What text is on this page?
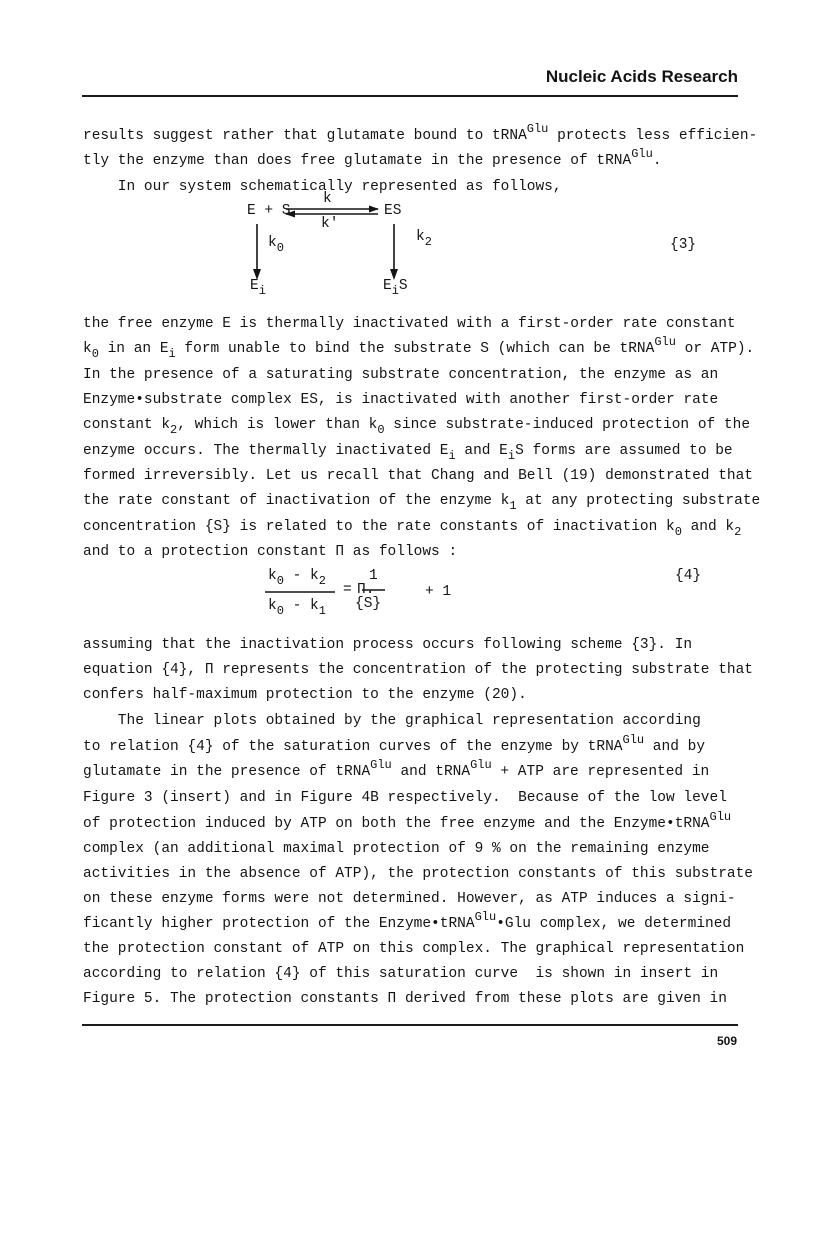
Nucleic Acids Research
results suggest rather that glutamate bound to tRNA$^{Glu}$ protects less efficien-
tly the enzyme than does free glutamate in the presence of tRNA$^{Glu}$.
In our system schematically represented as follows,
E + S	ES
k
k'
$k_0$
$k_2$	{3}
$E_i$	$E_iS$
the free enzyme E is thermally inactivated with a first-order rate constant
$k_0$ in an $E_i$ form unable to bind the substrate S (which can be tRNA$^{Glu}$ or ATP).
In the presence of a saturating substrate concentration, the enzyme as an
Enzyme•substrate complex ES, is inactivated with another first-order rate
constant $k_2$, which is lower than $k_0$ since substrate-induced protection of the
enzyme occurs. The thermally inactivated $E_i$ and $E_iS$ forms are assumed to be
formed irreversibly. Let us recall that Chang and Bell (19) demonstrated that
the rate constant of inactivation of the enzyme $k_1$ at any protecting substrate
concentration {S} is related to the rate constants of inactivation $k_0$ and $k_2$
and to a protection constant Π as follows :
$k_0 - k_2$
$k_0 - k_1$
= Π.
1
{S}
+ 1
{4}
assuming that the inactivation process occurs following scheme {3}. In
equation {4}, Π represents the concentration of the protecting substrate that
confers half-maximum protection to the enzyme (20).
The linear plots obtained by the graphical representation according
to relation {4} of the saturation curves of the enzyme by tRNA$^{Glu}$ and by
glutamate in the presence of tRNA$^{Glu}$ and tRNA$^{Glu}$ + ATP are represented in
Figure 3 (insert) and in Figure 4B respectively.  Because of the low level
of protection induced by ATP on both the free enzyme and the Enzyme•tRNA$^{Glu}$
complex (an additional maximal protection of 9 % on the remaining enzyme
activities in the absence of ATP), the protection constants of this substrate
on these enzyme forms were not determined. However, as ATP induces a signi-
ficantly higher protection of the Enzyme•tRNA$^{Glu}$•Glu complex, we determined
the protection constant of ATP on this complex. The graphical representation
according to relation {4} of this saturation curve  is shown in insert in
Figure 5. The protection constants Π derived from these plots are given in
509
